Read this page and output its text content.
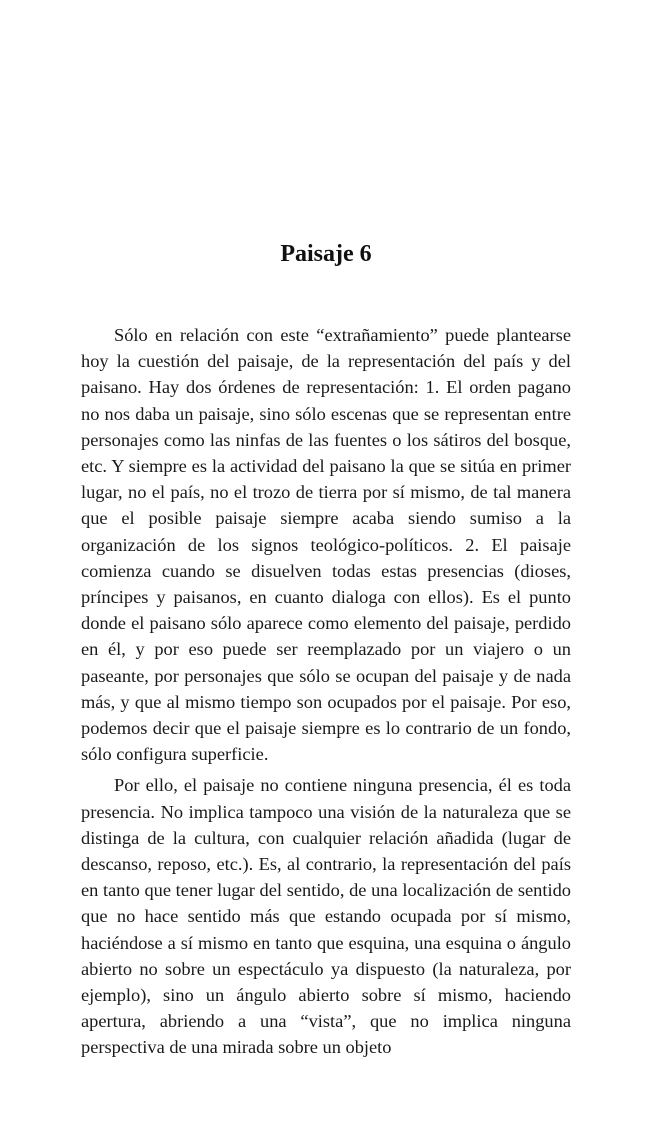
Paisaje 6

Sólo en relación con este “extrañamiento” puede plantearse hoy la cuestión del paisaje, de la representación del país y del paisano. Hay dos órdenes de representación: 1. El orden pagano no nos daba un paisaje, sino sólo escenas que se representan entre personajes como las ninfas de las fuentes o los sátiros del bosque, etc. Y siempre es la actividad del paisano la que se sitúa en primer lugar, no el país, no el trozo de tierra por sí mismo, de tal manera que el posible paisaje siempre acaba siendo sumiso a la organización de los signos teológico-políticos. 2. El paisaje comienza cuando se disuelven todas estas presencias (dioses, príncipes y paisanos, en cuanto dialoga con ellos). Es el punto donde el paisano sólo aparece como elemento del paisaje, perdido en él, y por eso puede ser reemplazado por un viajero o un paseante, por personajes que sólo se ocupan del paisaje y de nada más, y que al mismo tiempo son ocupados por el paisaje. Por eso, podemos decir que el paisaje siempre es lo contrario de un fondo, sólo configura superficie.

Por ello, el paisaje no contiene ninguna presencia, él es toda presencia. No implica tampoco una visión de la naturaleza que se distinga de la cultura, con cualquier relación añadida (lugar de descanso, reposo, etc.). Es, al contrario, la representación del país en tanto que tener lugar del sentido, de una localización de sentido que no hace sentido más que estando ocupada por sí mismo, haciéndose a sí mismo en tanto que esquina, una esquina o ángulo abierto no sobre un espectáculo ya dispuesto (la naturaleza, por ejemplo), sino un ángulo abierto sobre sí mismo, haciendo apertura, abriendo a una “vista”, que no implica ninguna perspectiva de una mirada sobre un objeto
